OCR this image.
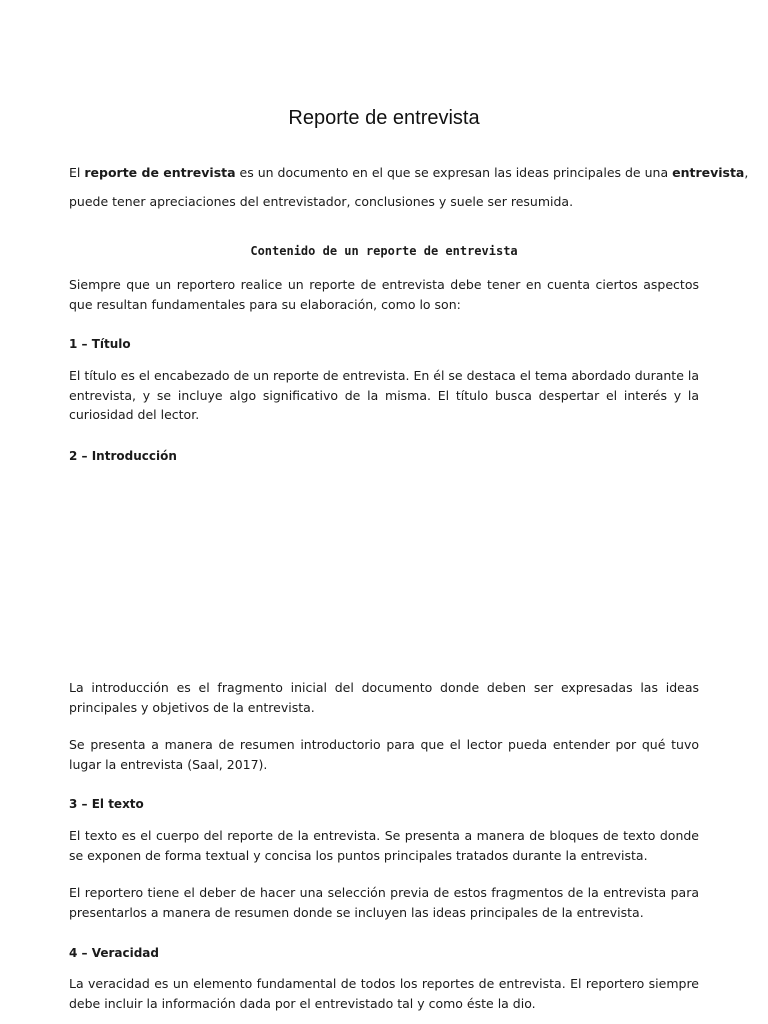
Reporte de entrevista

El reporte de entrevista es un documento en el que se expresan las ideas principales de una entrevista,

puede tener apreciaciones del entrevistador, conclusiones y suele ser resumida.

Contenido de un reporte de entrevista

Siempre que un reportero realice un reporte de entrevista debe tener en cuenta ciertos aspectos que resultan fundamentales para su elaboración, como lo son:

1 – Título

El título es el encabezado de un reporte de entrevista. En él se destaca el tema abordado durante la entrevista, y se incluye algo significativo de la misma. El título busca despertar el interés y la curiosidad del lector.

2 – Introducción

La introducción es el fragmento inicial del documento donde deben ser expresadas las ideas principales y objetivos de la entrevista.

Se presenta a manera de resumen introductorio para que el lector pueda entender por qué tuvo lugar la entrevista (Saal, 2017).

3 – El texto

El texto es el cuerpo del reporte de la entrevista. Se presenta a manera de bloques de texto donde se exponen de forma textual y concisa los puntos principales tratados durante la entrevista.

El reportero tiene el deber de hacer una selección previa de estos fragmentos de la entrevista para presentarlos a manera de resumen donde se incluyen las ideas principales de la entrevista.

4 – Veracidad

La veracidad es un elemento fundamental de todos los reportes de entrevista. El reportero siempre debe incluir la información dada por el entrevistado tal y como éste la dio.
